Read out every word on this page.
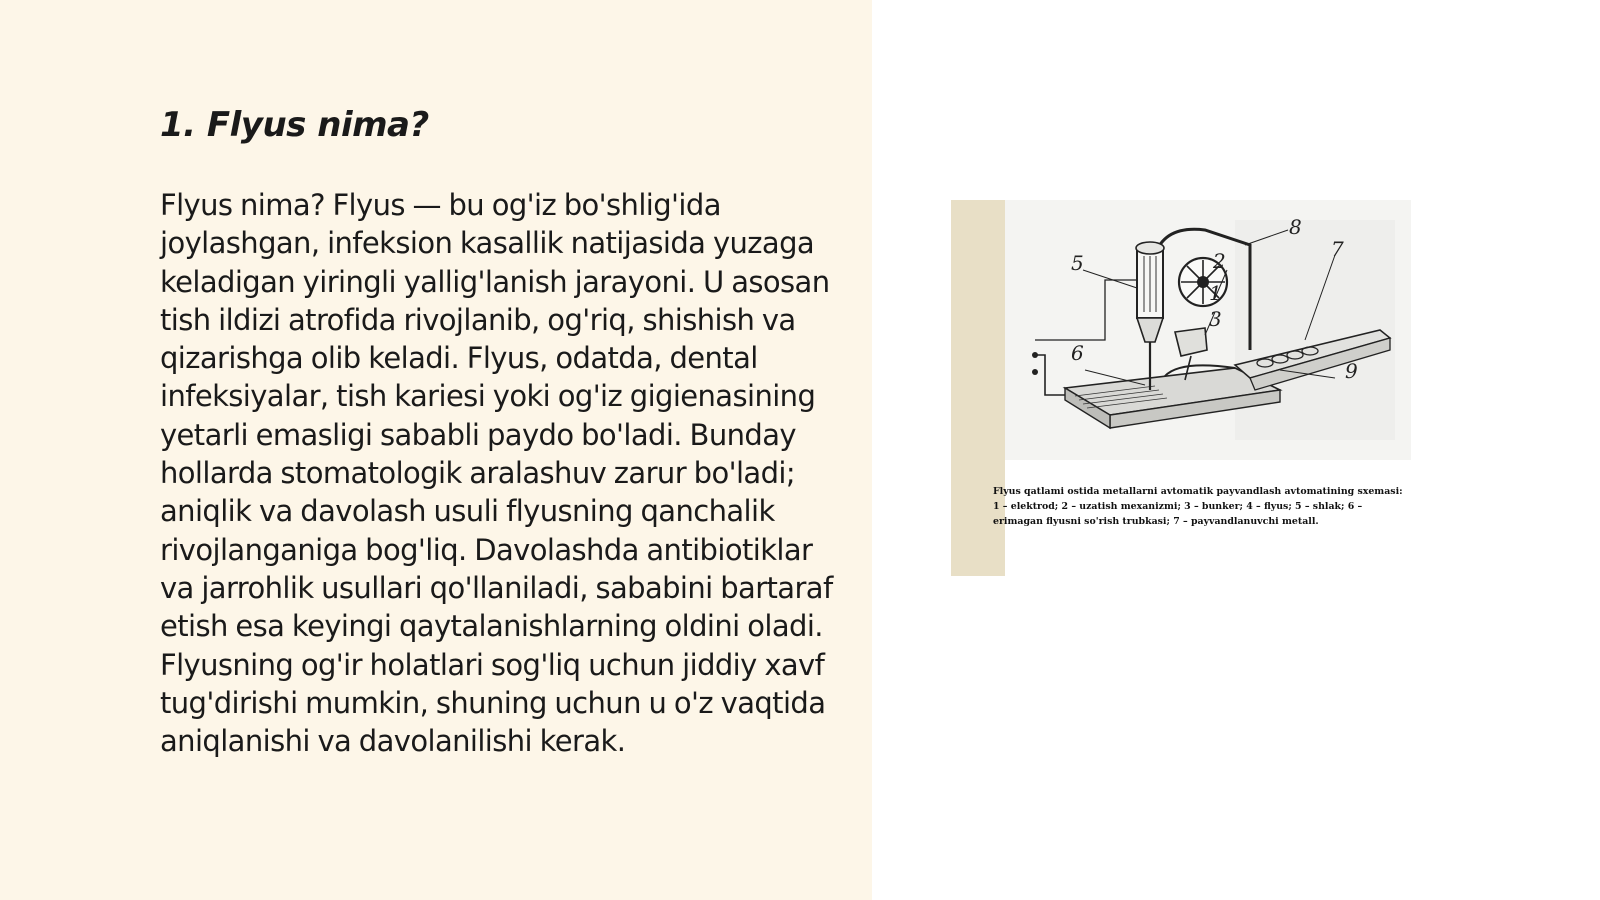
1. Flyus nima?

Flyus nima? Flyus — bu og'iz bo'shlig'ida joylashgan, infeksion kasallik natijasida yuzaga keladigan yiringli yallig'lanish jarayoni. U asosan tish ildizi atrofida rivojlanib, og'riq, shishish va qizarishga olib keladi. Flyus, odatda, dental infeksiyalar, tish kariesi yoki og'iz gigienasining yetarli emasligi sababli paydo bo'ladi. Bunday hollarda stomatologik aralashuv zarur bo'ladi; aniqlik va davolash usuli flyusning qanchalik rivojlanganiga bog'liq. Davolashda antibiotiklar va jarrohlik usullari qo'llaniladi, sababini bartaraf etish esa keyingi qaytalanishlarning oldini oladi. Flyusning og'ir holatlari sog'liq uchun jiddiy xavf tug'dirishi mumkin, shuning uchun u o'z vaqtida aniqlanishi va davolanilishi kerak.

5
8
2	7
1
3
6
9

Flyus qatlami ostida metallarni avtomatik payvandlash avtomatining sxemasi: 1 – elektrod; 2 – uzatish mexanizmi; 3 – bunker; 4 – flyus; 5 – shlak; 6 – erimagan flyusni so'rish trubkasi; 7 – payvandlanuvchi metall.
